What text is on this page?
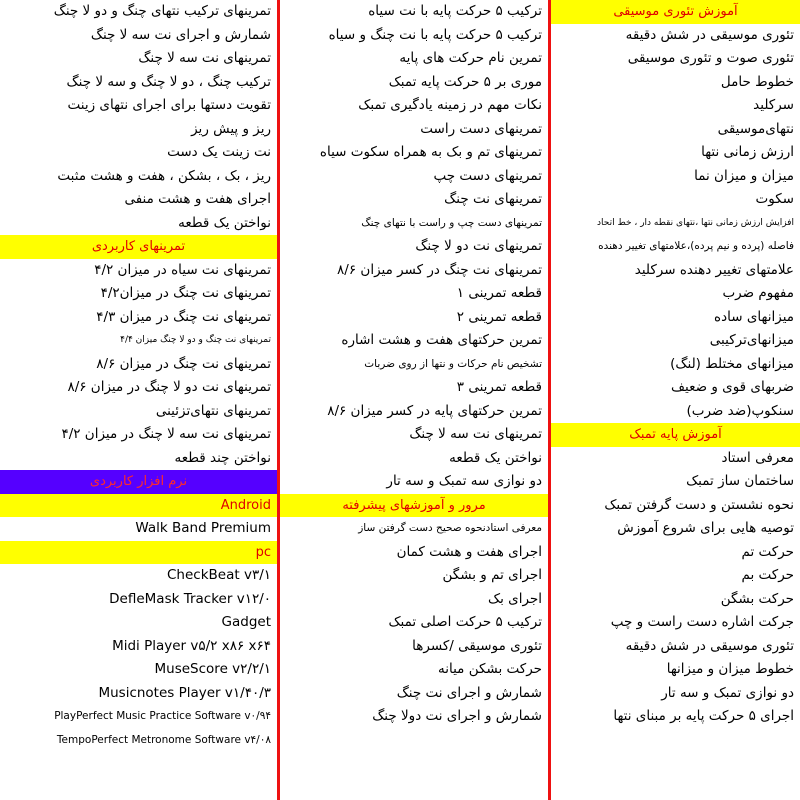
آموزش تئوری موسیقی
تئوری موسیقی در شش دقیقه
تئوری صوت و تئوری موسیقی
خطوط حامل
سرکلید
نتهای‌موسیقی
ارزش زمانی نتها
میزان و میزان نما
سکوت
افزایش ارزش زمانی نتها ،نتهای نقطه دار ، خط اتحاد
فاصله (پرده و نیم پرده)،علامتهای تغییر دهنده
علامتهای تغییر دهنده سرکلید
مفهوم ضرب
میزانهای ساده
میزانهای‌ترکیبی
میزانهای مختلط (لنگ)
ضربهای قوی و ضعیف
سنکوپ(ضد ضرب)
آموزش پایه تمبک
معرفی استاد
ساختمان ساز تمبک
نحوه نشستن و دست گرفتن تمبک
توصیه هایی برای شروع آموزش
حرکت تم
حرکت بم
حرکت بشگن
جرکت اشاره دست راست و چپ
تئوری موسیقی در شش دقیقه
خطوط میزان و میزانها
دو نوازی تمبک و سه تار
اجرای ۵ حرکت پایه بر مبنای نتها
ترکیب ۵ حرکت پایه با نت سیاه
ترکیب ۵ حرکت پایه با نت چنگ و سیاه
تمرین نام حرکت های پایه
موری بر ۵ حرکت پایه تمبک
نکات مهم در زمینه یادگیری تمبک
تمرینهای دست راست
تمرینهای تم و بک به همراه سکوت سیاه
تمرینهای دست چپ
تمرینهای نت چنگ
تمرینهای دست چپ و راست با نتهای چنگ
تمرینهای نت دو لا چنگ
تمرینهای نت چنگ در کسر میزان ۸/۶
قطعه تمرینی ۱
قطعه تمرینی ۲
تمرین حرکتهای هفت و هشت اشاره
تشخیص نام حرکات و نتها از روی ضربات
قطعه تمرینی ۳
تمرین حرکتهای پایه در کسر میزان ۸/۶
تمرینهای نت سه لا چنگ
نواختن یک قطعه
دو نوازی سه تمبک و سه تار
مرور و آموزشهای پیشرفته
معرفی استادنحوه صحیح دست گرفتن ساز
اجرای هفت و هشت کمان
اجرای تم و بشگن
اجرای بک
ترکیب ۵ حرکت اصلی تمبک
تئوری موسیقی /کسرها
حرکت بشکن میانه
شمارش و اجرای نت چنگ
شمارش و اجرای نت دولا چنگ
تمرینهای ترکیب نتهای چنگ و دو لا چنگ
شمارش و اجرای نت سه لا چنگ
تمرینهای نت سه لا چنگ
ترکیب چنگ ، دو لا چنگ و سه لا چنگ
تقویت دستها برای اجرای نتهای زینت
ریز و پیش ریز
نت زینت یک دست
ریز ، بک ، بشکن ، هفت و هشت مثبت
اجرای هفت و هشت منفی
نواختن یک قطعه
تمرینهای کاربردی
تمرینهای نت سیاه در میزان ۴/۲
تمرینهای نت چنگ در میزان۴/۲
تمرینهای نت چنگ در میزان ۴/۳
تمرینهای نت چنگ و دو لا چنگ میزان ۴/۴
تمرینهای نت چنگ در میزان ۸/۶
تمرینهای نت دو لا چنگ در میزان ۸/۶
تمرینهای نتهای‌تزئینی
تمرینهای نت سه لا چنگ در میزان ۴/۲
نواختن چند قطعه
نرم افزار کاربردی
Android
Walk Band Premium
pc
CheckBeat v۳/۱
DefleMask Tracker v۱۲/۰
Gadget
Midi Player v۵/۲ x۸۶ x۶۴
MuseScore v۲/۲/۱
Musicnotes Player v۱/۴۰/۳
PlayPerfect Music Practice Software v۰/۹۴
TempoPerfect Metronome Software v۴/۰۸
